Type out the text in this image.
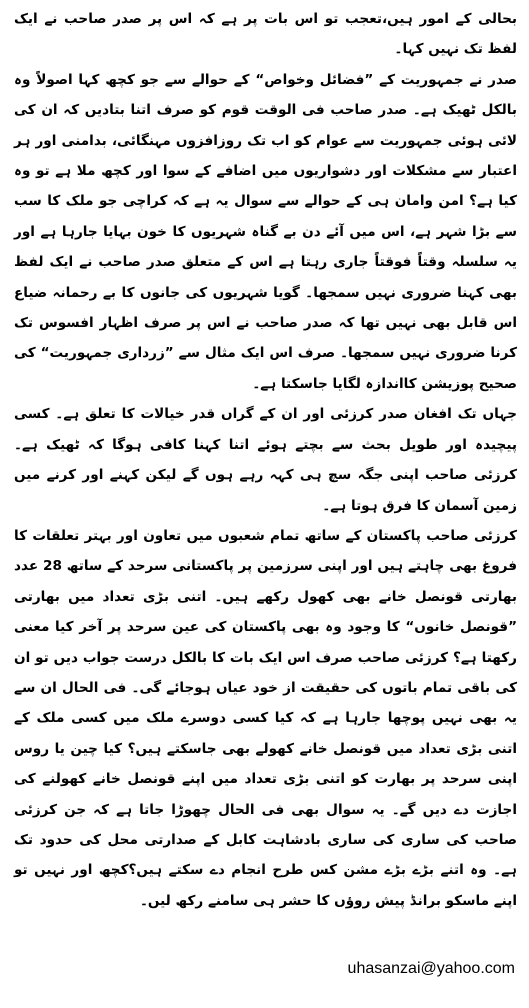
بحالی کے امور ہیں،تعجب تو اس بات پر ہے کہ اس پر صدر صاحب نے ایک لفظ تک نہیں کہا۔

صدر نے جمہوریت کے ”فضائل وخواص“ کے حوالے سے جو کچھ کہا اصولاً وہ بالکل ٹھیک ہے۔ صدر صاحب فی الوقت قوم کو صرف اتنا بتادیں کہ ان کی لائی ہوئی جمہوریت سے عوام کو اب تک روزافزوں مہنگائی، بدامنی اور ہر اعتبار سے مشکلات اور دشواریوں میں اضافے کے سوا اور کچھ ملا ہے تو وہ کیا ہے؟ امن وامان ہی کے حوالے سے سوال یہ ہے کہ کراچی جو ملک کا سب سے بڑا شہر ہے، اس میں آئے دن بے گناہ شہریوں کا خون بہایا جارہا ہے اور یہ سلسلہ وقتاً فوقتاً جاری رہتا ہے اس کے متعلق صدر صاحب نے ایک لفظ بھی کہنا ضروری نہیں سمجھا۔ گویا شہریوں کی جانوں کا بے رحمانہ ضیاع اس قابل بھی نہیں تھا کہ صدر صاحب نے اس پر صرف اظہار افسوس تک کرنا ضروری نہیں سمجھا۔ صرف اس ایک مثال سے ”زرداری جمہوریت“ کی صحیح پوزیشن کااندازہ لگایا جاسکتا ہے۔

جہاں تک افغان صدر کرزئی اور ان کے گراں قدر خیالات کا تعلق ہے۔ کسی پیچیدہ اور طویل بحث سے بچتے ہوئے اتنا کہنا کافی ہوگا کہ ٹھیک ہے۔ کرزئی صاحب اپنی جگہ سچ ہی کہہ رہے ہوں گے لیکن کہنے اور کرنے میں زمین آسمان کا فرق ہوتا ہے۔

کرزئی صاحب پاکستان کے ساتھ تمام شعبوں میں تعاون اور بہتر تعلقات کا فروغ بھی چاہتے ہیں اور اپنی سرزمین پر پاکستانی سرحد کے ساتھ 28 عدد بھارتی قونصل خانے بھی کھول رکھے ہیں۔ اتنی بڑی تعداد میں بھارتی ”قونصل خانوں“ کا وجود وہ بھی پاکستان کی عین سرحد پر آخر کیا معنی رکھتا ہے؟ کرزئی صاحب صرف اس ایک بات کا بالکل درست جواب دیں تو ان کی باقی تمام باتوں کی حقیقت از خود عیاں ہوجائے گی۔ فی الحال ان سے یہ بھی نہیں پوچھا جارہا ہے کہ کیا کسی دوسرے ملک میں کسی ملک کے اتنی بڑی تعداد میں قونصل خانے کھولے بھی جاسکتے ہیں؟ کیا چین یا روس اپنی سرحد پر بھارت کو اتنی بڑی تعداد میں اپنے قونصل خانے کھولنے کی اجازت دے دیں گے۔ یہ سوال بھی فی الحال چھوڑا جاتا ہے کہ جن کرزئی صاحب کی ساری کی ساری بادشاہت کابل کے صدارتی محل کی حدود تک ہے۔ وہ اتنے بڑے بڑے مشن کس طرح انجام دے سکتے ہیں؟کچھ اور نہیں تو اپنے ماسکو برانڈ پیش روؤں کا حشر ہی سامنے رکھ لیں۔

uhasanzai@yahoo.com
